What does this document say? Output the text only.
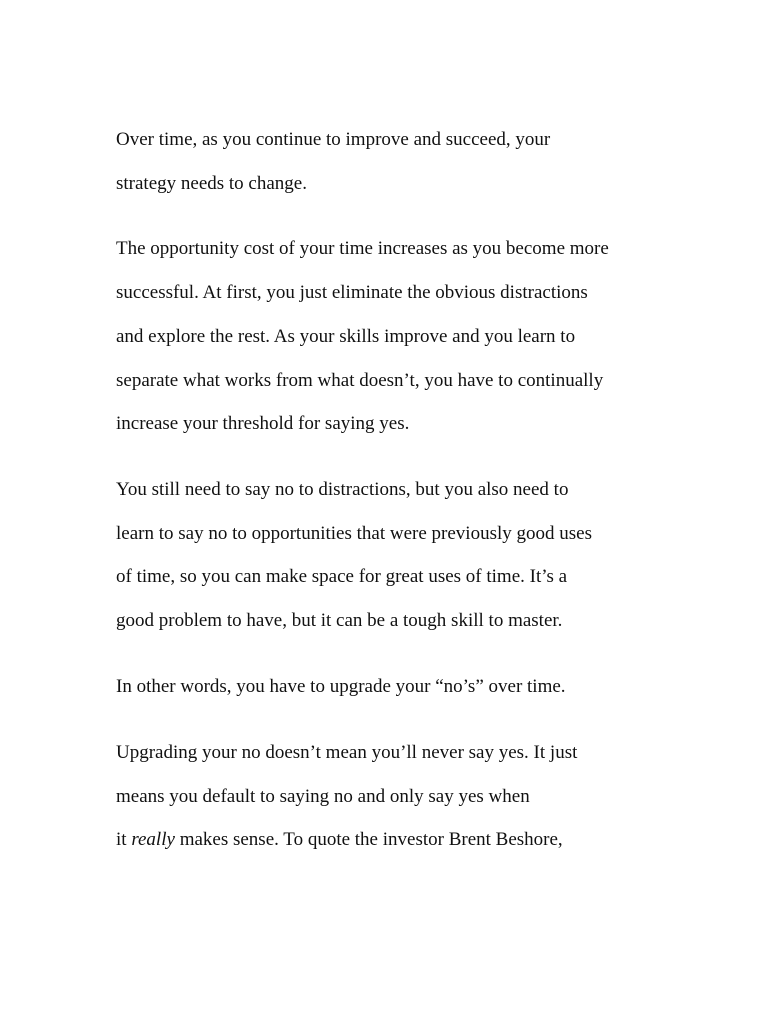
Over time, as you continue to improve and succeed, your
strategy needs to change.
The opportunity cost of your time increases as you become more
successful. At first, you just eliminate the obvious distractions
and explore the rest. As your skills improve and you learn to
separate what works from what doesn’t, you have to continually
increase your threshold for saying yes.
You still need to say no to distractions, but you also need to
learn to say no to opportunities that were previously good uses
of time, so you can make space for great uses of time. It’s a
good problem to have, but it can be a tough skill to master.
In other words, you have to upgrade your “no’s” over time.
Upgrading your no doesn’t mean you’ll never say yes. It just
means you default to saying no and only say yes when
it really makes sense. To quote the investor Brent Beshore,
